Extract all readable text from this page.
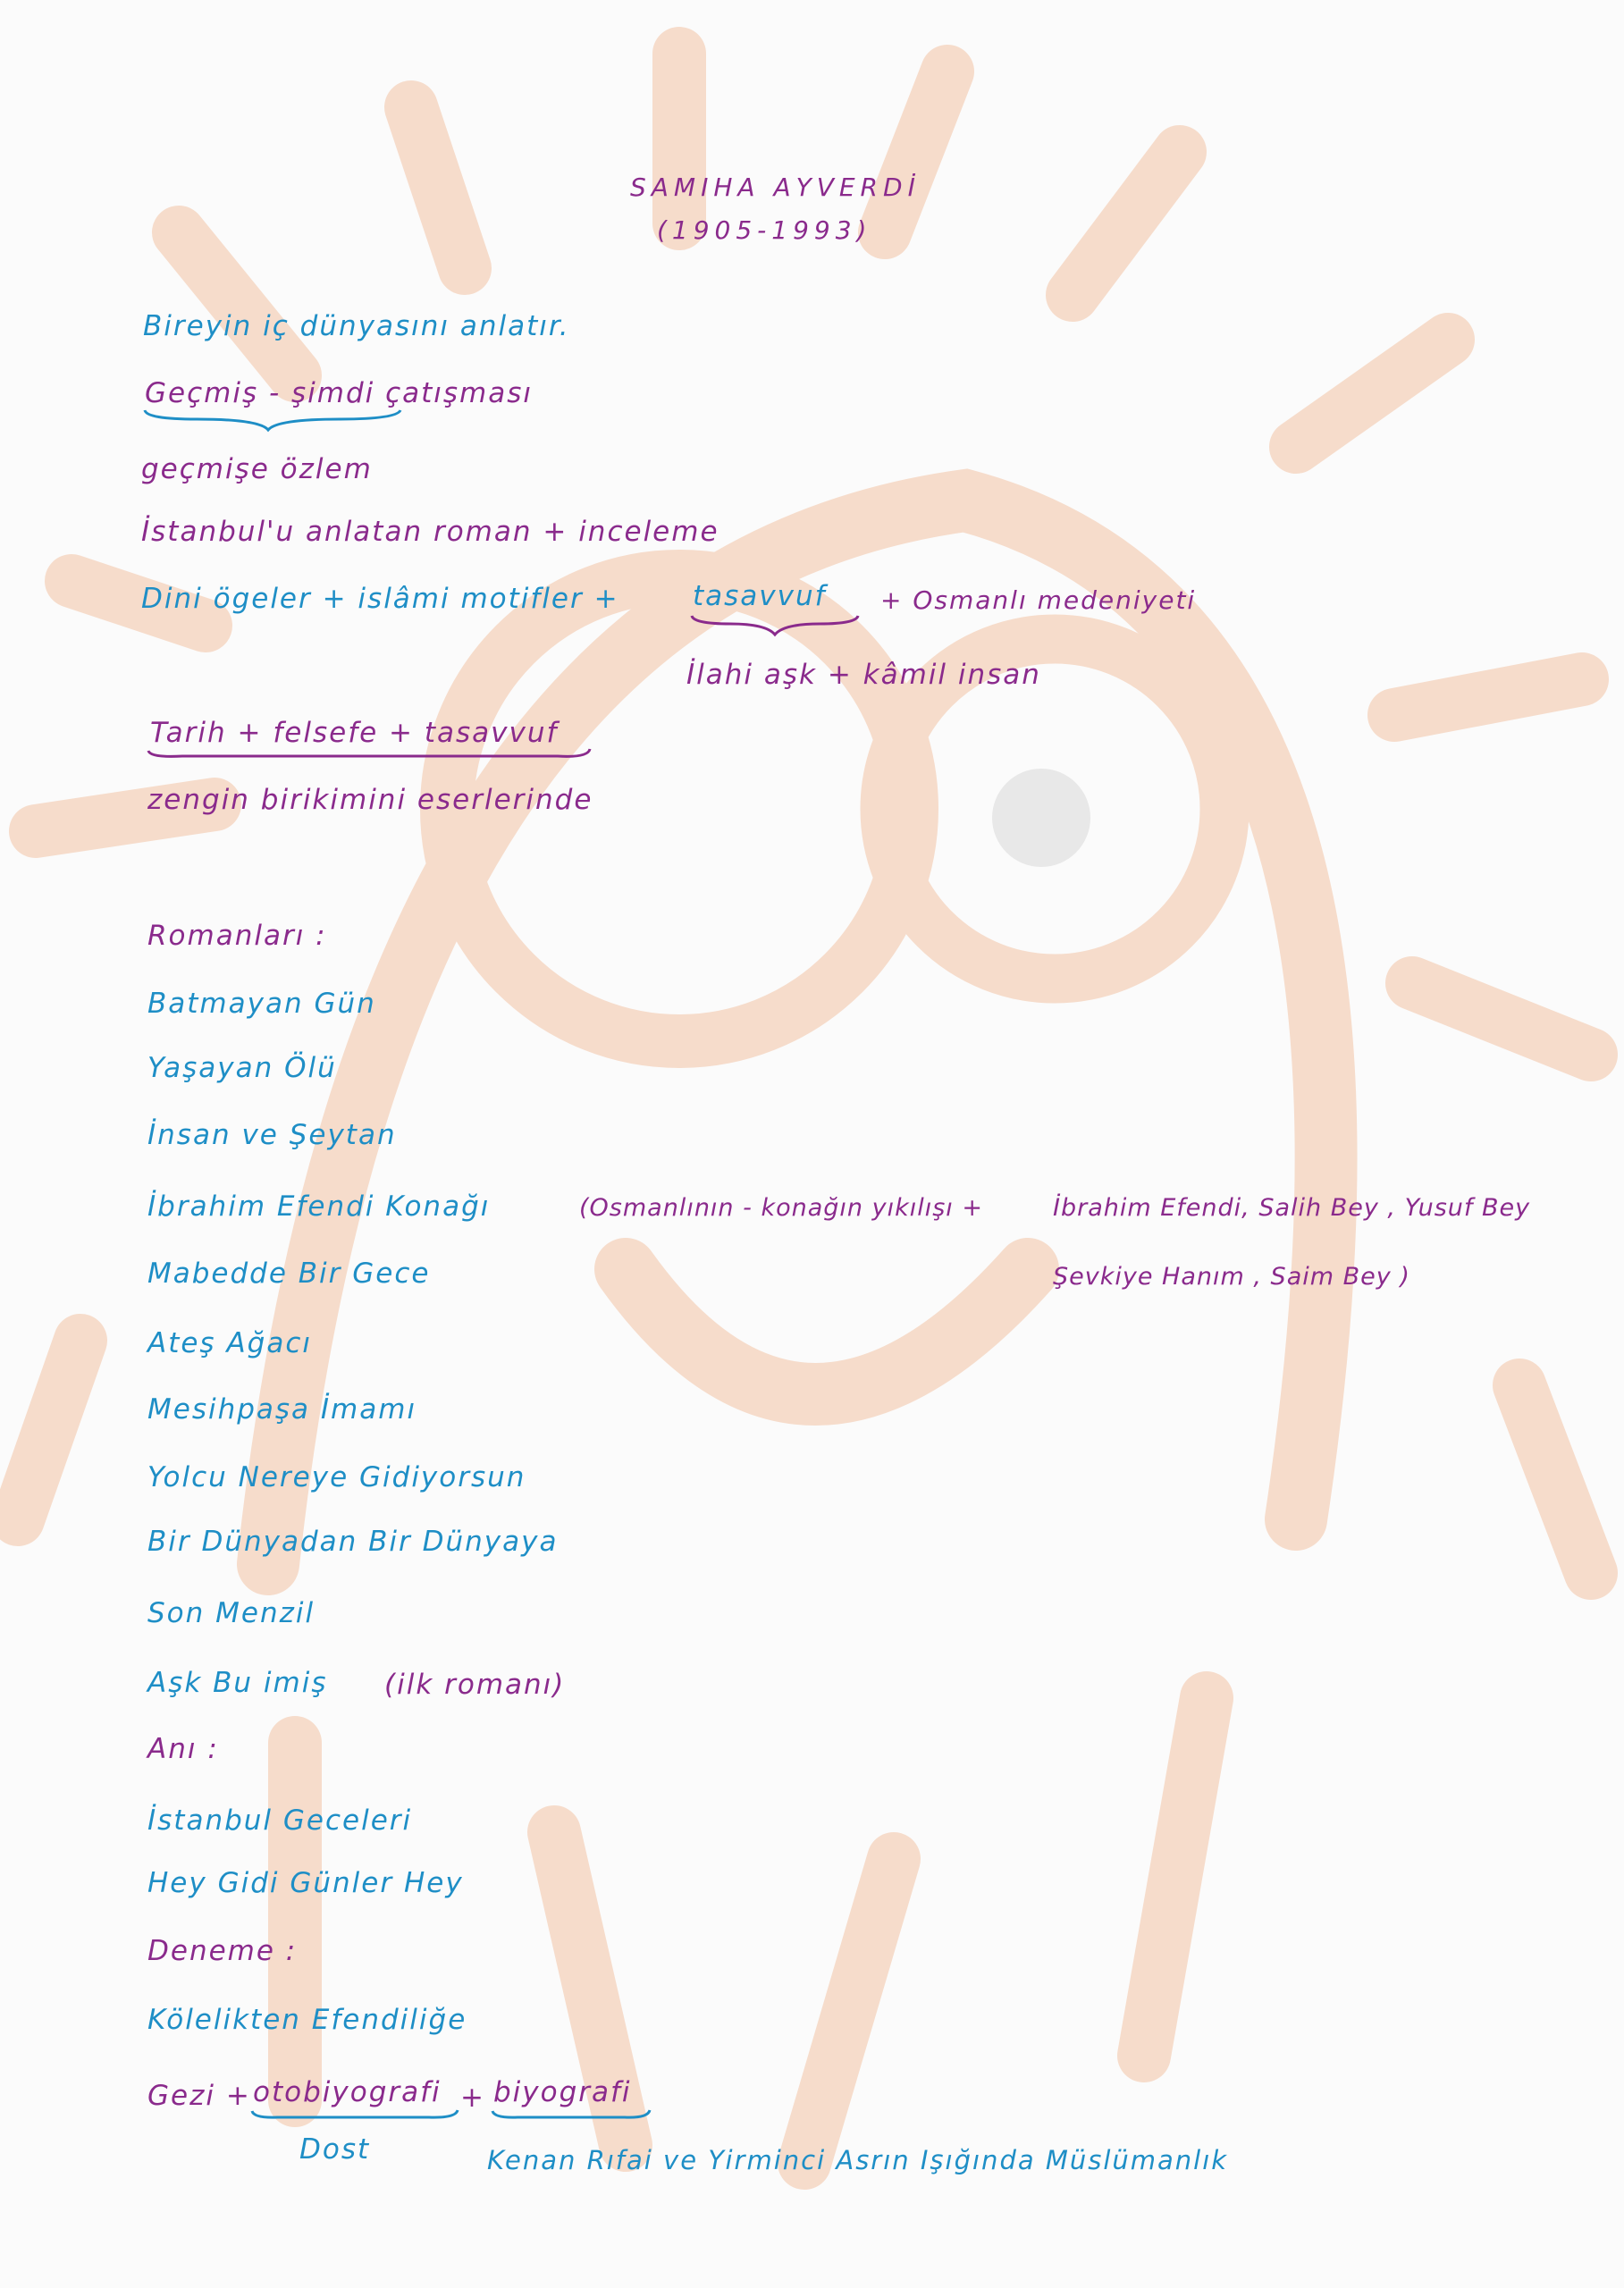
SAMIHA AYVERDİ
(1905-1993)
Bireyin iç dünyasını anlatır.
Geçmiş - şimdi çatışması
geçmişe özlem
İstanbul'u anlatan roman + inceleme
Dini ögeler + islâmi motifler +	tasavvuf + Osmanlı medeniyeti
İlahi aşk + kâmil insan
Tarih + felsefe + tasavvuf
zengin birikimini eserlerinde
Romanları :
Batmayan Gün
Yaşayan Ölü
İnsan ve Şeytan
İbrahim Efendi Konağı	(Osmanlının - konağın yıkılışı +	İbrahim Efendi, Salih Bey , Yusuf Bey
Şevkiye Hanım , Saim Bey )
Mabedde Bir Gece
Ateş Ağacı
Mesihpaşa İmamı
Yolcu Nereye Gidiyorsun
Bir Dünyadan Bir Dünyaya
Son Menzil
Aşk Bu imiş (ilk romanı)
Anı :
İstanbul Geceleri
Hey Gidi Günler Hey
Deneme :
Kölelikten Efendiliğe
Gezi + otobiyografi + biyografi
Dost	Kenan Rıfai ve Yirminci Asrın Işığında Müslümanlık
